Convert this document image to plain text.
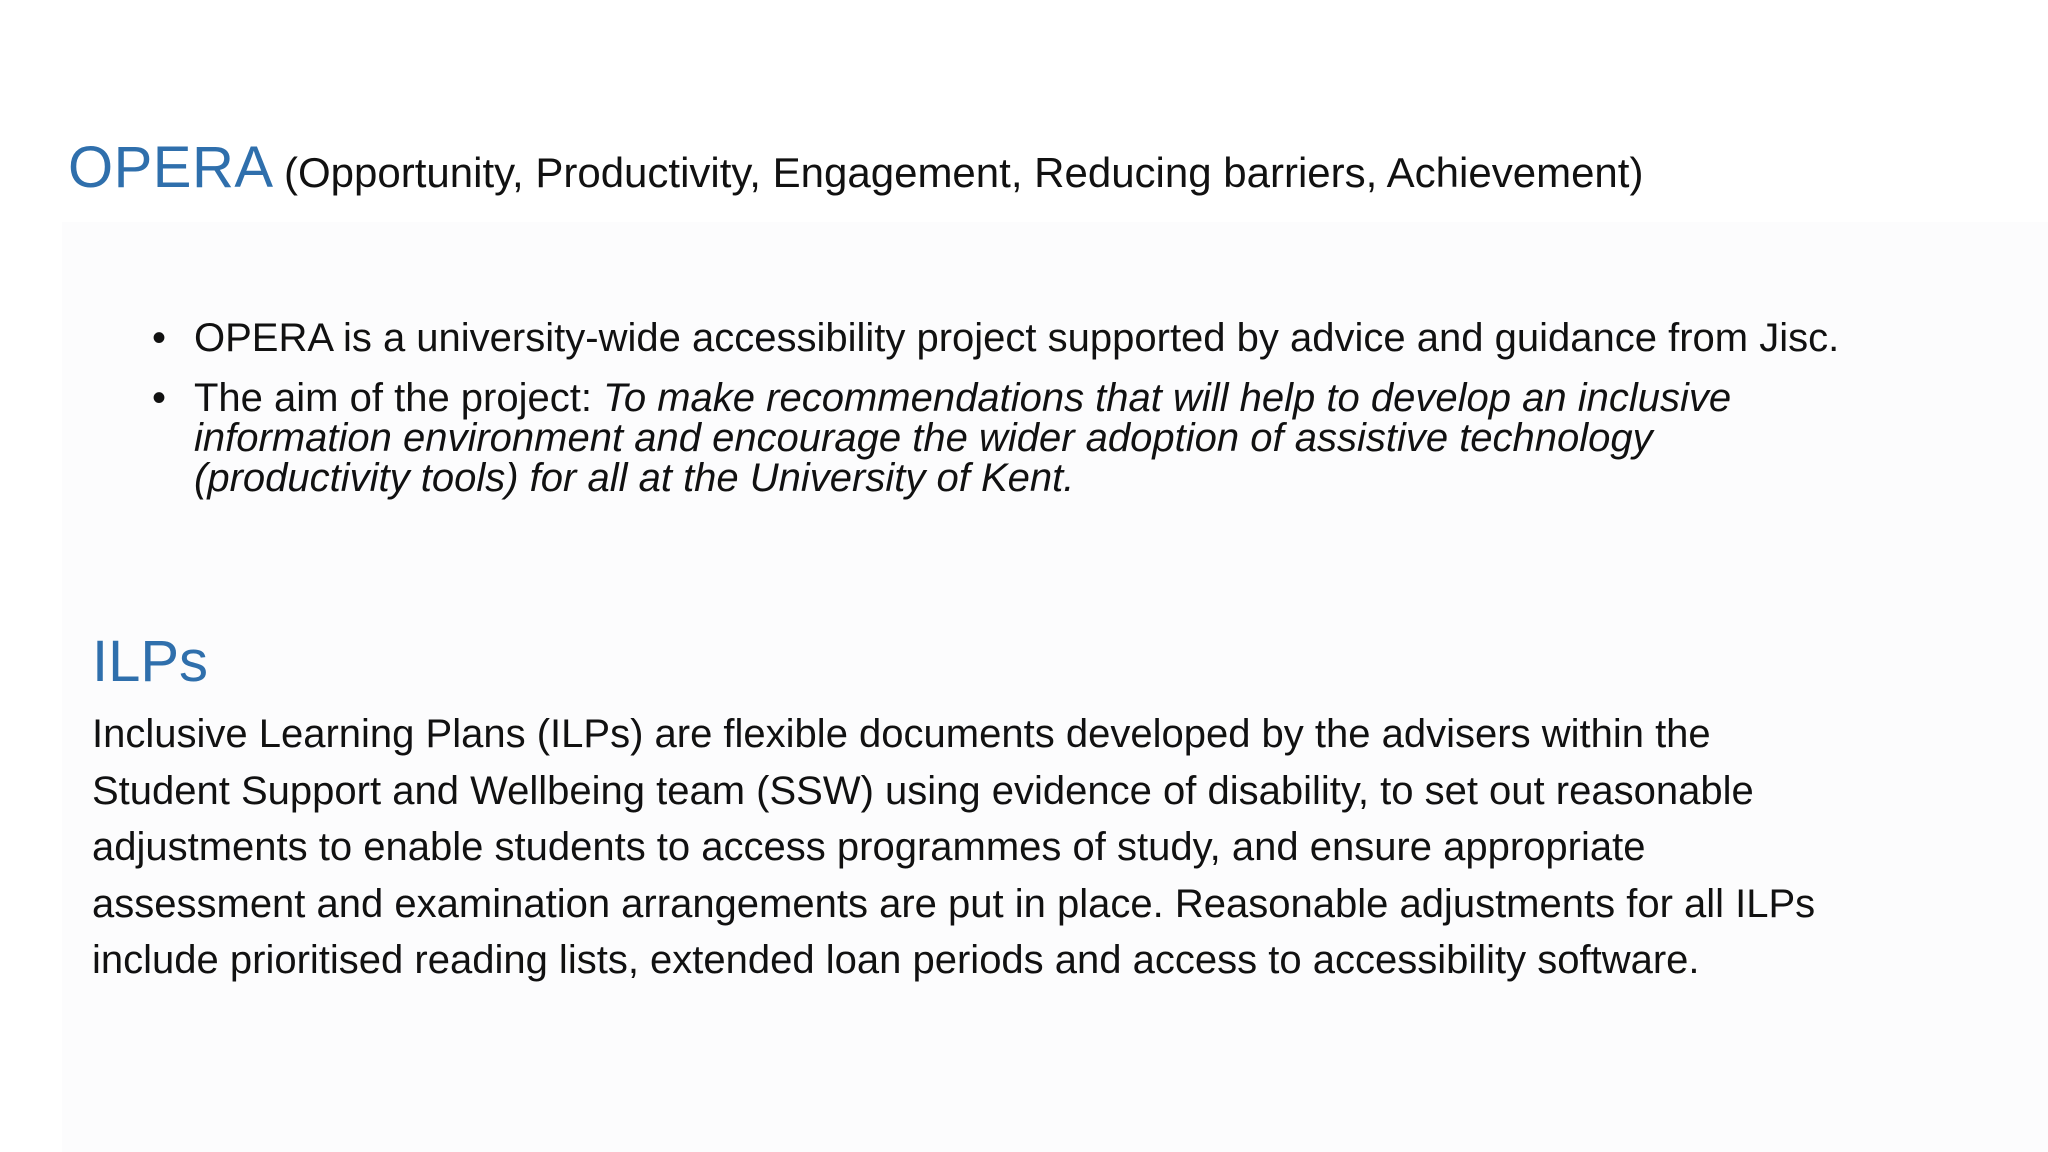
OPERA (Opportunity, Productivity, Engagement, Reducing barriers, Achievement)
• OPERA is a university-wide accessibility project supported by advice and guidance from Jisc.
• The aim of the project: To make recommendations that will help to develop an inclusive information environment and encourage the wider adoption of assistive technology (productivity tools) for all at the University of Kent.
ILPs

Inclusive Learning Plans (ILPs) are flexible documents developed by the advisers within the Student Support and Wellbeing team (SSW) using evidence of disability, to set out reasonable adjustments to enable students to access programmes of study, and ensure appropriate assessment and examination arrangements are put in place. Reasonable adjustments for all ILPs include prioritised reading lists, extended loan periods and access to accessibility software.
